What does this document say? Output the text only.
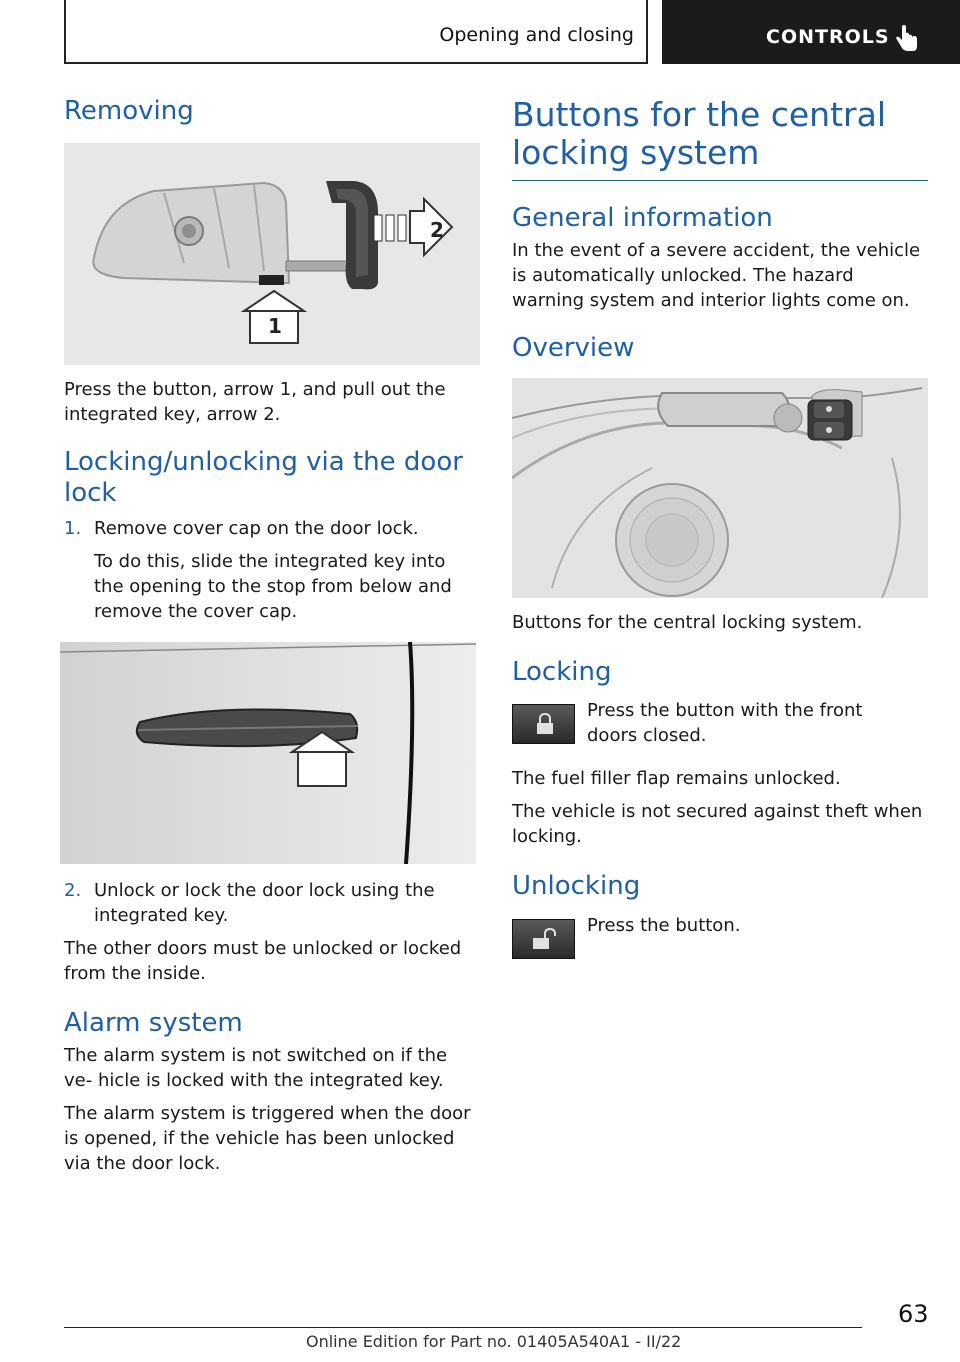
Opening and closing	CONTROLS
Removing
2
1

Press the button, arrow 1, and pull out the integrated key, arrow 2.

Locking/unlocking via the door lock
1. Remove cover cap on the door lock.
To do this, slide the integrated key into the opening to the stop from below and remove the cover cap.
2. Unlock or lock the door lock using the integrated key.

The other doors must be unlocked or locked from the inside.

Alarm system

The alarm system is not switched on if the ve‐ hicle is locked with the integrated key.

The alarm system is triggered when the door is opened, if the vehicle has been unlocked via the door lock.

Buttons for the central locking system
General information

In the event of a severe accident, the vehicle is automatically unlocked. The hazard warning system and interior lights come on.

Overview

Buttons for the central locking system.

Locking

Press the button with the front doors closed.

The fuel filler flap remains unlocked.

The vehicle is not secured against theft when locking.

Unlocking

Press the button.

63
Online Edition for Part no. 01405A540A1 - II/22
